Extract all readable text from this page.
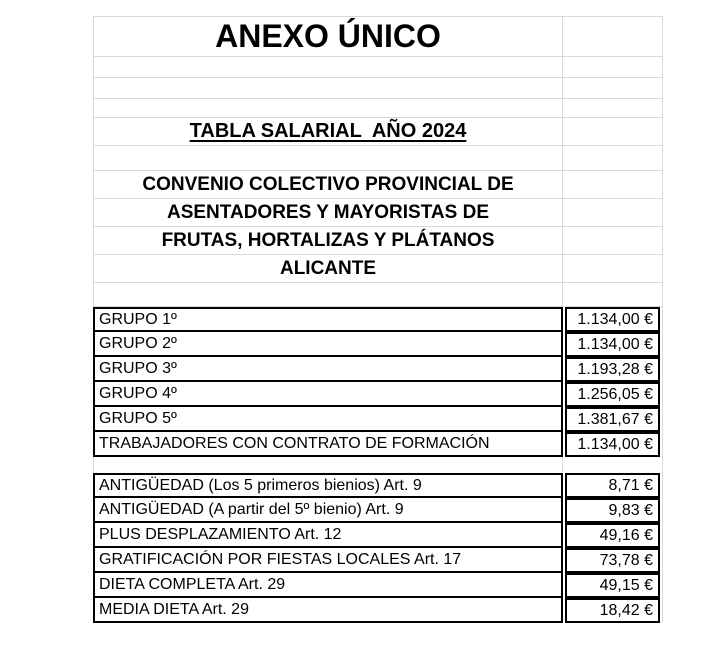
ANEXO ÚNICO
TABLA SALARIAL  AÑO 2024
CONVENIO COLECTIVO PROVINCIAL DE
ASENTADORES Y MAYORISTAS DE
FRUTAS, HORTALIZAS Y PLÁTANOS
ALICANTE
GRUPO 1º	1.134,00 €
GRUPO 2º	1.134,00 €
GRUPO 3º	1.193,28 €
GRUPO 4º	1.256,05 €
GRUPO 5º	1.381,67 €
TRABAJADORES CON CONTRATO DE FORMACIÓN	1.134,00 €
ANTIGÜEDAD (Los 5 primeros bienios) Art. 9	8,71 €
ANTIGÜEDAD (A partir del 5º bienio) Art. 9	9,83 €
PLUS DESPLAZAMIENTO Art. 12	49,16 €
GRATIFICACIÓN POR FIESTAS LOCALES Art. 17	73,78 €
DIETA COMPLETA Art. 29	49,15 €
MEDIA DIETA Art. 29	18,42 €
